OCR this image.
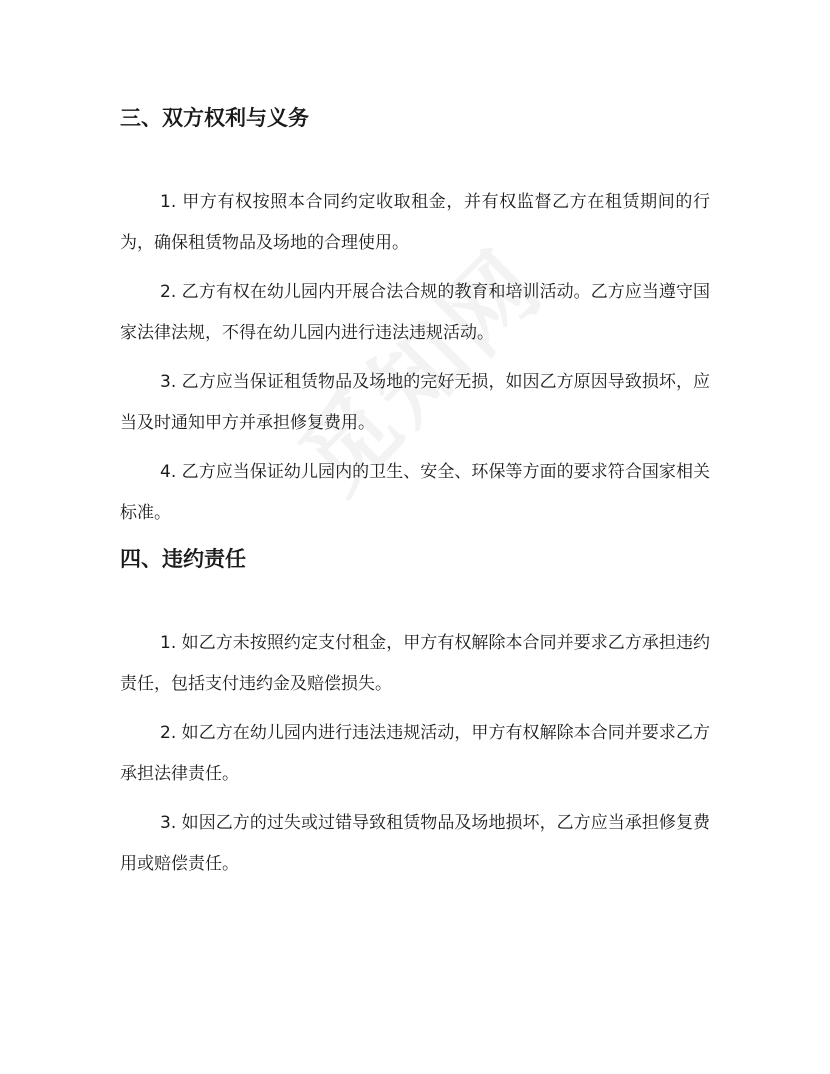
三、双方权利与义务

1. 甲方有权按照本合同约定收取租金，并有权监督乙方在租赁期间的行为，确保租赁物品及场地的合理使用。

2. 乙方有权在幼儿园内开展合法合规的教育和培训活动。乙方应当遵守国家法律法规，不得在幼儿园内进行违法违规活动。

3. 乙方应当保证租赁物品及场地的完好无损，如因乙方原因导致损坏，应当及时通知甲方并承担修复费用。

4. 乙方应当保证幼儿园内的卫生、安全、环保等方面的要求符合国家相关标准。

四、违约责任

1. 如乙方未按照约定支付租金，甲方有权解除本合同并要求乙方承担违约责任，包括支付违约金及赔偿损失。

2. 如乙方在幼儿园内进行违法违规活动，甲方有权解除本合同并要求乙方承担法律责任。

3. 如因乙方的过失或过错导致租赁物品及场地损坏，乙方应当承担修复费用或赔偿责任。
